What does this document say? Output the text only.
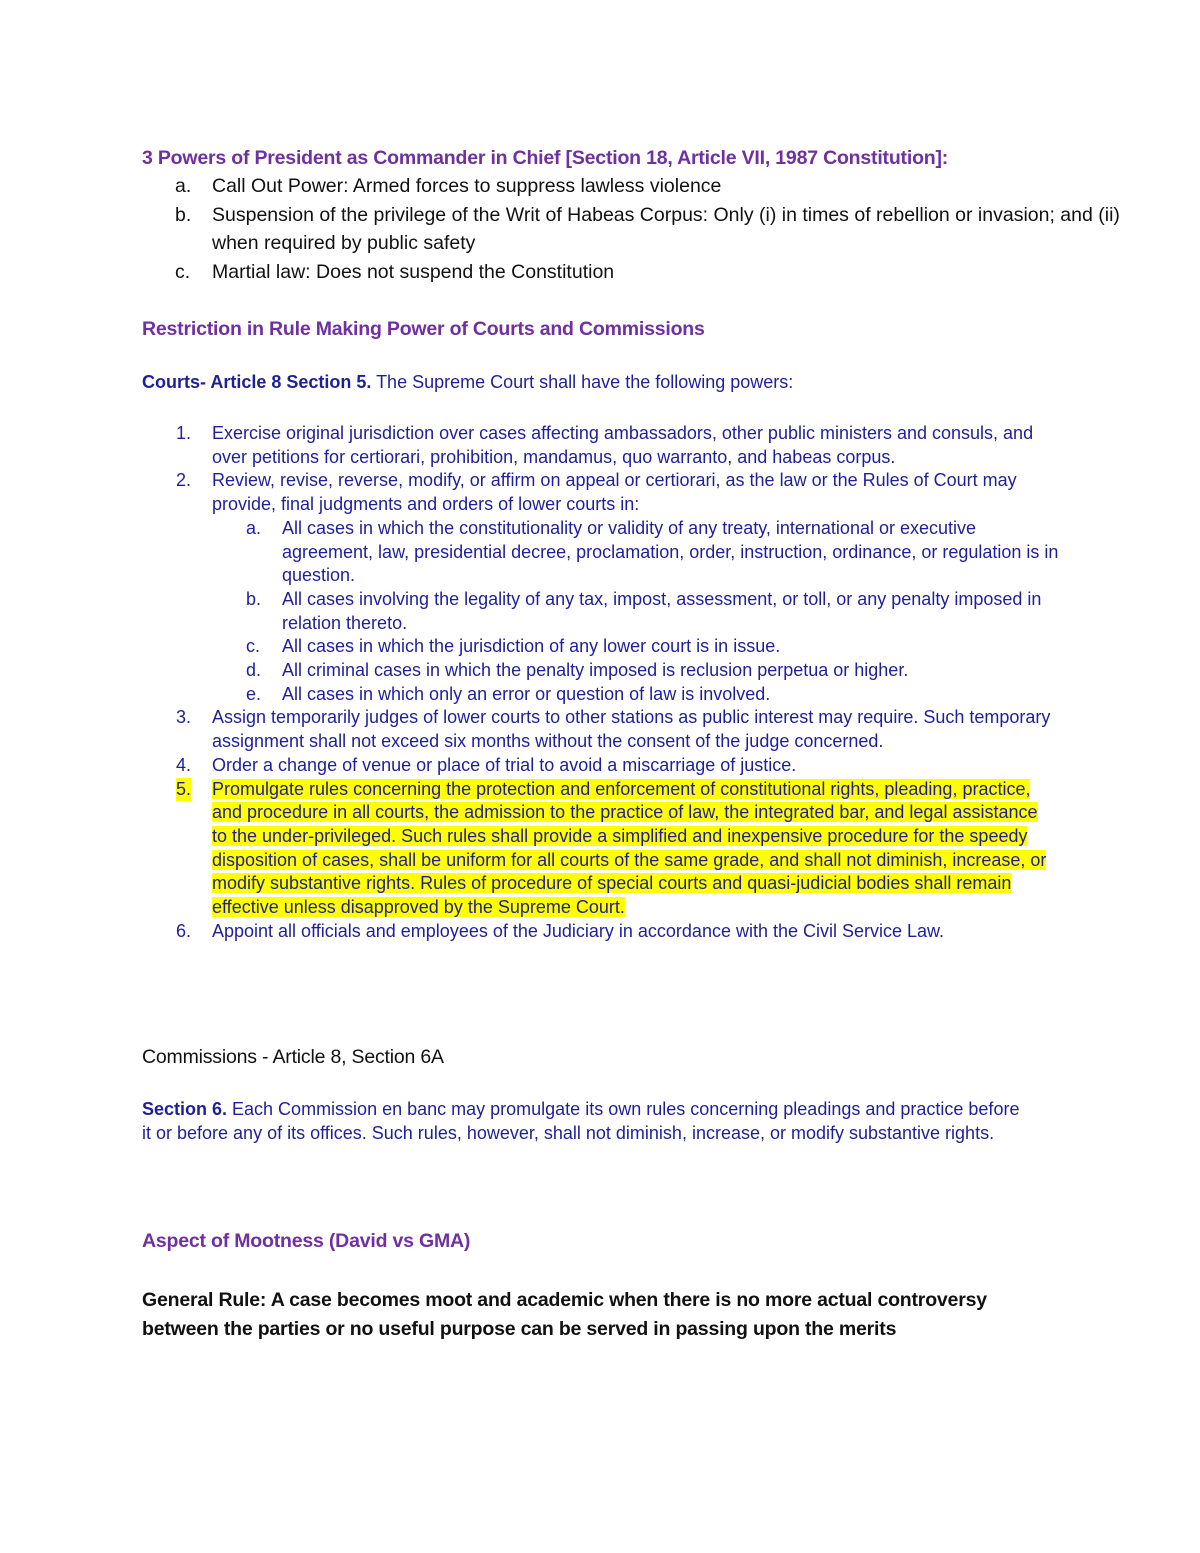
3 Powers of President as Commander in Chief [Section 18, Article VII, 1987 Constitution]:
a. Call Out Power: Armed forces to suppress lawless violence
b. Suspension of the privilege of the Writ of Habeas Corpus: Only (i) in times of rebellion or invasion; and (ii) when required by public safety
c. Martial law: Does not suspend the Constitution
Restriction in Rule Making Power of Courts and Commissions
Courts- Article 8 Section 5. The Supreme Court shall have the following powers:
1. Exercise original jurisdiction over cases affecting ambassadors, other public ministers and consuls, and over petitions for certiorari, prohibition, mandamus, quo warranto, and habeas corpus.
2. Review, revise, reverse, modify, or affirm on appeal or certiorari, as the law or the Rules of Court may provide, final judgments and orders of lower courts in:
a. All cases in which the constitutionality or validity of any treaty, international or executive agreement, law, presidential decree, proclamation, order, instruction, ordinance, or regulation is in question.
b. All cases involving the legality of any tax, impost, assessment, or toll, or any penalty imposed in relation thereto.
c. All cases in which the jurisdiction of any lower court is in issue.
d. All criminal cases in which the penalty imposed is reclusion perpetua or higher.
e. All cases in which only an error or question of law is involved.
3. Assign temporarily judges of lower courts to other stations as public interest may require. Such temporary assignment shall not exceed six months without the consent of the judge concerned.
4. Order a change of venue or place of trial to avoid a miscarriage of justice.
5. Promulgate rules concerning the protection and enforcement of constitutional rights, pleading, practice, and procedure in all courts, the admission to the practice of law, the integrated bar, and legal assistance to the under-privileged. Such rules shall provide a simplified and inexpensive procedure for the speedy disposition of cases, shall be uniform for all courts of the same grade, and shall not diminish, increase, or modify substantive rights. Rules of procedure of special courts and quasi-judicial bodies shall remain effective unless disapproved by the Supreme Court.
6. Appoint all officials and employees of the Judiciary in accordance with the Civil Service Law.
Commissions - Article 8, Section 6A
Section 6. Each Commission en banc may promulgate its own rules concerning pleadings and practice before it or before any of its offices. Such rules, however, shall not diminish, increase, or modify substantive rights.
Aspect of Mootness (David vs GMA)
General Rule: A case becomes moot and academic when there is no more actual controversy between the parties or no useful purpose can be served in passing upon the merits
